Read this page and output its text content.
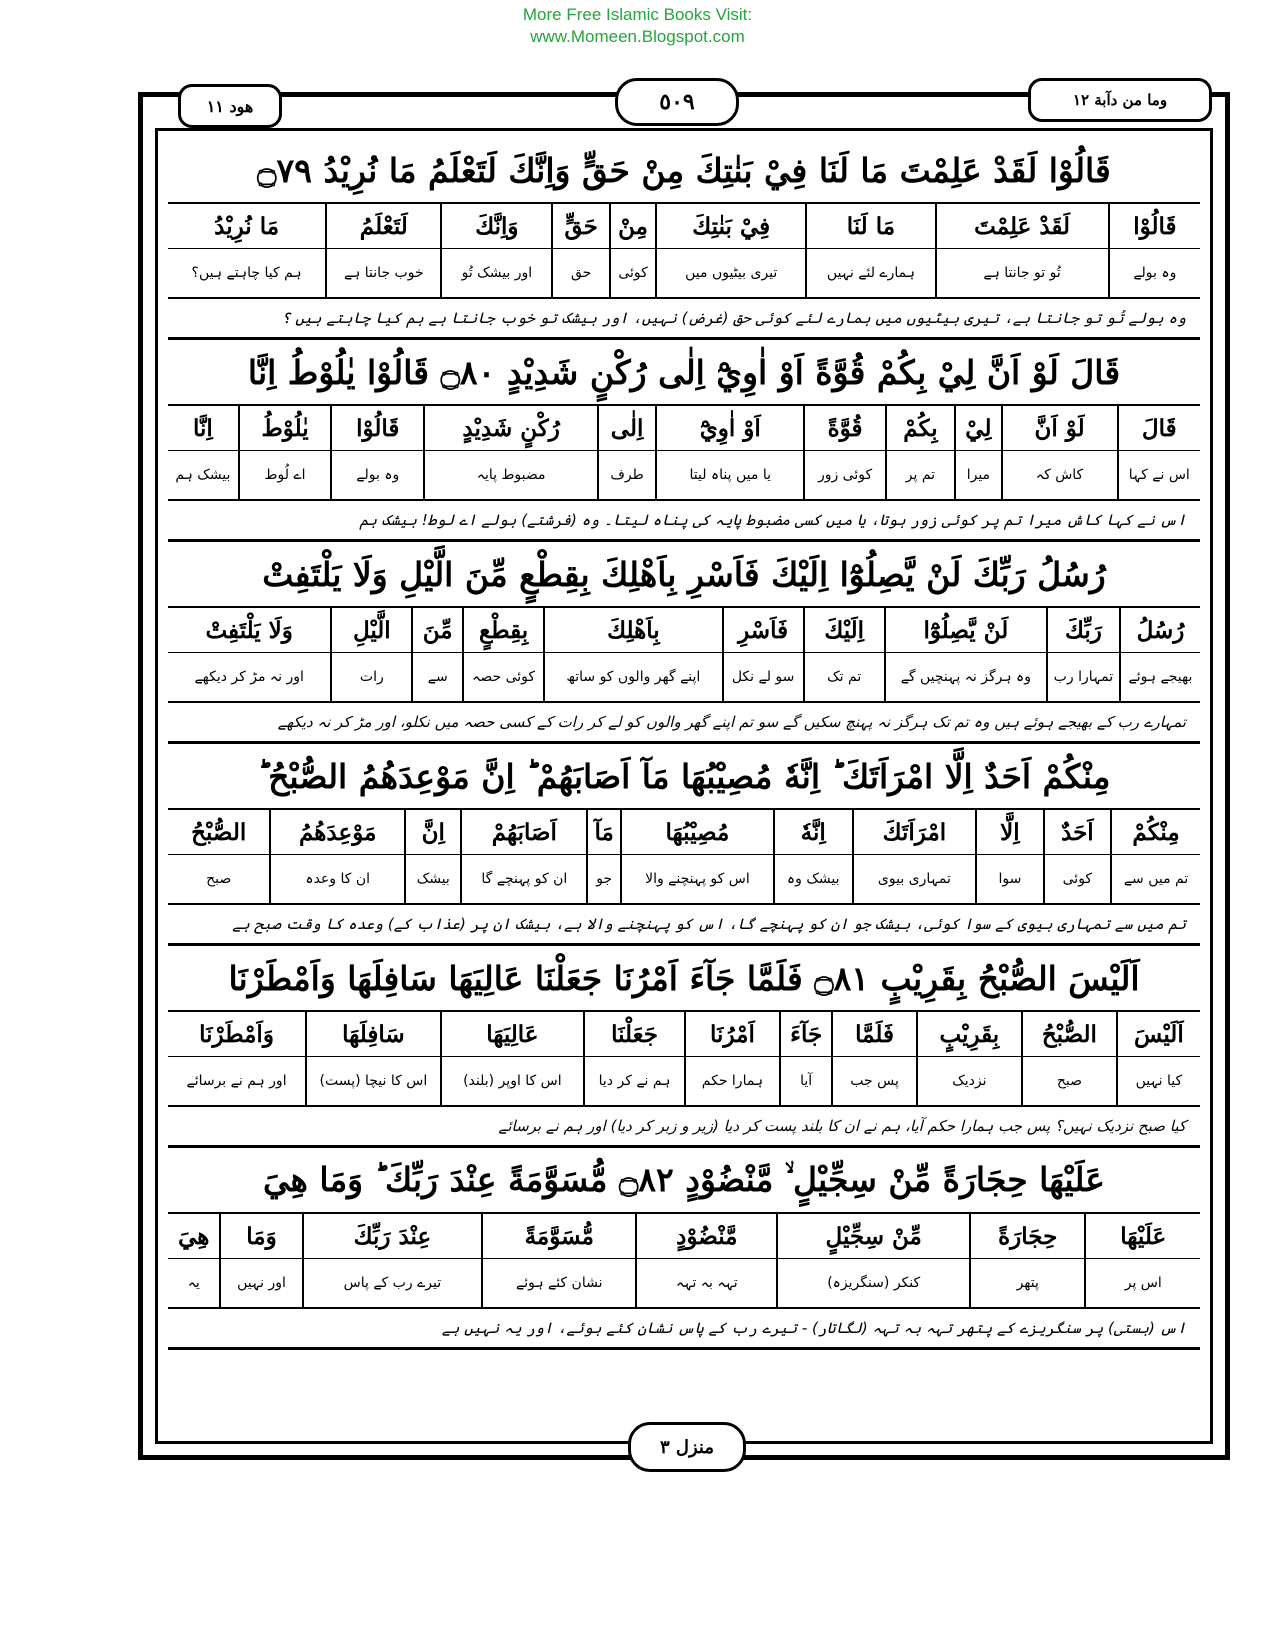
More Free Islamic Books Visit:
www.Momeen.Blogspot.com
هود ١١	٥٠٩	وما من دآبة ١٢
قَالُوْا لَقَدْ عَلِمْتَ مَا لَنَا فِيْ بَنٰتِكَ مِنْ حَقٍّ وَاِنَّكَ لَتَعْلَمُ مَا نُرِيْدُ ۝٧٩
قَالُوْا
وہ بولے
لَقَدْ عَلِمْتَ
تُو تو جانتا ہے
مَا لَنَا
ہمارے لئے نہیں
فِيْ بَنٰتِكَ
تیری بیٹیوں میں
مِنْ
کوئی
حَقٍّ
حق
وَاِنَّكَ
اور بیشک تُو
لَتَعْلَمُ
خوب جانتا ہے
مَا نُرِيْدُ
ہم کیا چاہتے ہیں؟
وہ بولے تُو تو جانتا ہے، تیری بیٹیوں میں ہمارے لئے کوئی حق (غرض) نہیں، اور بیشک تو خوب جانتا ہے ہم کیا چاہتے ہیں ؟
قَالَ لَوْ اَنَّ لِيْ بِكُمْ قُوَّةً اَوْ اٰوِيْٓ اِلٰى رُكْنٍ شَدِيْدٍ ۝٨٠ قَالُوْا يٰلُوْطُ اِنَّا
قَالَ
اس نے کہا
لَوْ اَنَّ
کاش کہ
لِيْ
میرا
بِكُمْ
تم پر
قُوَّةً
کوئی زور
اَوْ اٰوِيْٓ
یا میں پناہ لیتا
اِلٰى
طرف
رُكْنٍ شَدِيْدٍ
مضبوط پایہ
قَالُوْا
وہ بولے
يٰلُوْطُ
اے لُوط
اِنَّا
بیشک ہم
اس نے کہا کاش میرا تم پر کوئی زور ہوتا، یا میں کسی مضبوط پایہ کی پناہ لیتا۔ وہ (فرشتے) بولے اے لوط! بیشک ہم
رُسُلُ رَبِّكَ لَنْ يَّصِلُوْٓا اِلَيْكَ فَاَسْرِ بِاَهْلِكَ بِقِطْعٍ مِّنَ الَّيْلِ وَلَا يَلْتَفِتْ
رُسُلُ
بھیجے ہوئے
رَبِّكَ
تمہارا رب
لَنْ يَّصِلُوْٓا
وہ ہرگز نہ پہنچیں گے
اِلَيْكَ
تم تک
فَاَسْرِ
سو لے نکل
بِاَهْلِكَ
اپنے گھر والوں کو ساتھ
بِقِطْعٍ
کوئی حصہ
مِّنَ
سے
الَّيْلِ
رات
وَلَا يَلْتَفِتْ
اور نہ مڑ کر دیکھے
تمہارے رب کے بھیجے ہوئے ہیں وہ تم تک ہرگز نہ پہنچ سکیں گے سو تم اپنے گھر والوں کو لے کر رات کے کسی حصہ میں نکلو، اور مڑ کر نہ دیکھے
مِنْكُمْ اَحَدٌ اِلَّا امْرَاَتَكَ ؕ اِنَّهٗ مُصِيْبُهَا مَآ اَصَابَهُمْ ؕ اِنَّ مَوْعِدَهُمُ الصُّبْحُ ؕ
مِنْكُمْ
تم میں سے
اَحَدٌ
کوئی
اِلَّا
سوا
امْرَاَتَكَ
تمہاری بیوی
اِنَّهٗ
بیشک وہ
مُصِيْبُهَا
اس کو پہنچنے والا
مَآ
جو
اَصَابَهُمْ
ان کو پہنچے گا
اِنَّ
بیشک
مَوْعِدَهُمُ
ان کا وعدہ
الصُّبْحُ
صبح
تم میں سے تمہاری بیوی کے سوا کوئی، بیشک جو ان کو پہنچے گا، اس کو پہنچنے والا ہے، بیشک ان پر (عذاب کے) وعدہ کا وقت صبح ہے
اَلَيْسَ الصُّبْحُ بِقَرِيْبٍ ۝٨١ فَلَمَّا جَآءَ اَمْرُنَا جَعَلْنَا عَالِيَهَا سَافِلَهَا وَاَمْطَرْنَا
اَلَيْسَ
کیا نہیں
الصُّبْحُ
صبح
بِقَرِيْبٍ
نزدیک
فَلَمَّا
پس جب
جَآءَ
آیا
اَمْرُنَا
ہمارا حکم
جَعَلْنَا
ہم نے کر دیا
عَالِيَهَا
اس کا اوپر (بلند)
سَافِلَهَا
اس کا نیچا (پست)
وَاَمْطَرْنَا
اور ہم نے برسائے
کیا صبح نزدیک نہیں؟ پس جب ہمارا حکم آیا، ہم نے ان کا بلند پست کر دیا (زیر و زبر کر دیا) اور ہم نے برسائے
عَلَيْهَا حِجَارَةً مِّنْ سِجِّيْلٍ ۙ مَّنْضُوْدٍ ۝٨٢ مُّسَوَّمَةً عِنْدَ رَبِّكَ ؕ وَمَا هِيَ
عَلَيْهَا
اس پر
حِجَارَةً
پتھر
مِّنْ سِجِّيْلٍ
کنکر (سنگریزہ)
مَّنْضُوْدٍ
تہہ بہ تہہ
مُّسَوَّمَةً
نشان کئے ہوئے
عِنْدَ رَبِّكَ
تیرے رب کے پاس
وَمَا
اور نہیں
هِيَ
یہ
اس (بستی) پر سنگریزے کے پتھر تہہ بہ تہہ (لگاتار) - تیرے رب کے پاس نشان کئے ہوئے، اور یہ نہیں ہے
منزل ٣
